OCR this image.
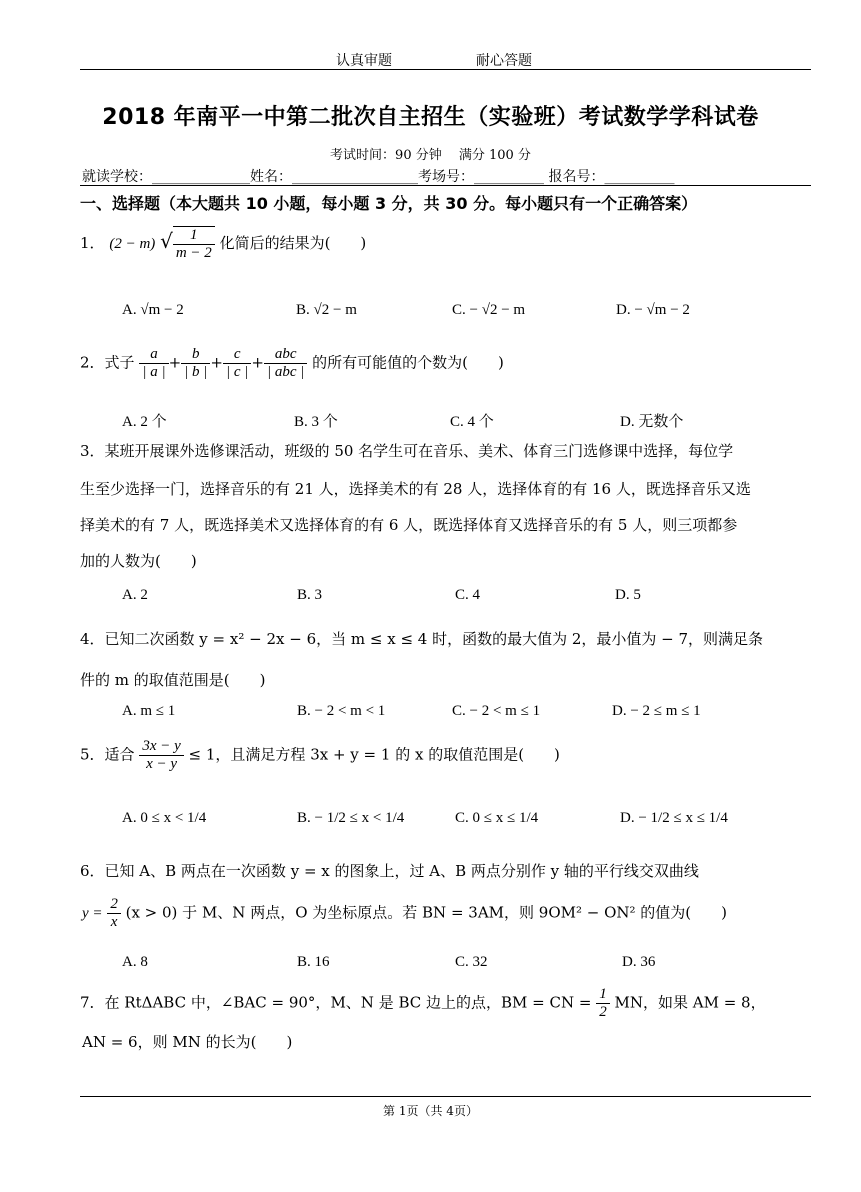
认真审题	耐心答题
2018 年南平一中第二批次自主招生（实验班）考试数学学科试卷
考试时间：90 分钟　 满分 100 分
就读学校：______________姓名：__________________考场号：__________ 报名号：__________
一、选择题（本大题共 10 小题，每小题 3 分，共 30 分。每小题只有一个正确答案）
1． (2 − m) √ $\frac{1}{m - 2}$ 化简后的结果为(　　)
A. √m − 2	B. √2 − m	C. − √2 − m	D. − √m − 2
2．式子 $\frac{a}{| a |} + \frac{b}{| b |} + \frac{c}{| c |} + \frac{\text{abc}}{\text{| abc |}}$ 的所有可能值的个数为(　　)
A. 2 个	B. 3 个	C. 4 个	D. 无数个
3．某班开展课外选修课活动，班级的 50 名学生可在音乐、美术、体育三门选修课中选择，每位学
生至少选择一门，选择音乐的有 21 人，选择美术的有 28 人，选择体育的有 16 人，既选择音乐又选
择美术的有 7 人，既选择美术又选择体育的有 6 人，既选择体育又选择音乐的有 5 人，则三项都参
加的人数为(　　)
A. 2	B. 3	C. 4	D. 5
4．已知二次函数 y = x² − 2x − 6，当 m ≤ x ≤ 4 时，函数的最大值为 2，最小值为 − 7，则满足条
件的 m 的取值范围是(　　)
A. m ≤ 1	B. − 2 < m < 1	C. − 2 < m ≤ 1	D. − 2 ≤ m ≤ 1
5．适合 $\frac{3x - y}{x - y} \le 1$，且满足方程 3x + y = 1 的 x 的取值范围是(　　)
A. 0 ≤ x < 1/4	B. − 1/2 ≤ x < 1/4	C. 0 ≤ x ≤ 1/4	D. − 1/2 ≤ x ≤ 1/4
6．已知 A、B 两点在一次函数 y = x 的图象上，过 A、B 两点分别作 y 轴的平行线交双曲线
$y = \frac{2}{x} (x > 0)$ 于 M、N 两点，O 为坐标原点。若 BN = 3AM，则 9OM² − ON² 的值为(　　)
A. 8	B. 16	C. 32	D. 36
7．在 RtΔABC 中，∠BAC = 90°，M、N 是 BC 边上的点，BM = CN = $\frac{1}{2}$ MN，如果 AM = 8，
AN = 6，则 MN 的长为(　　)
第 1页（共 4页）
